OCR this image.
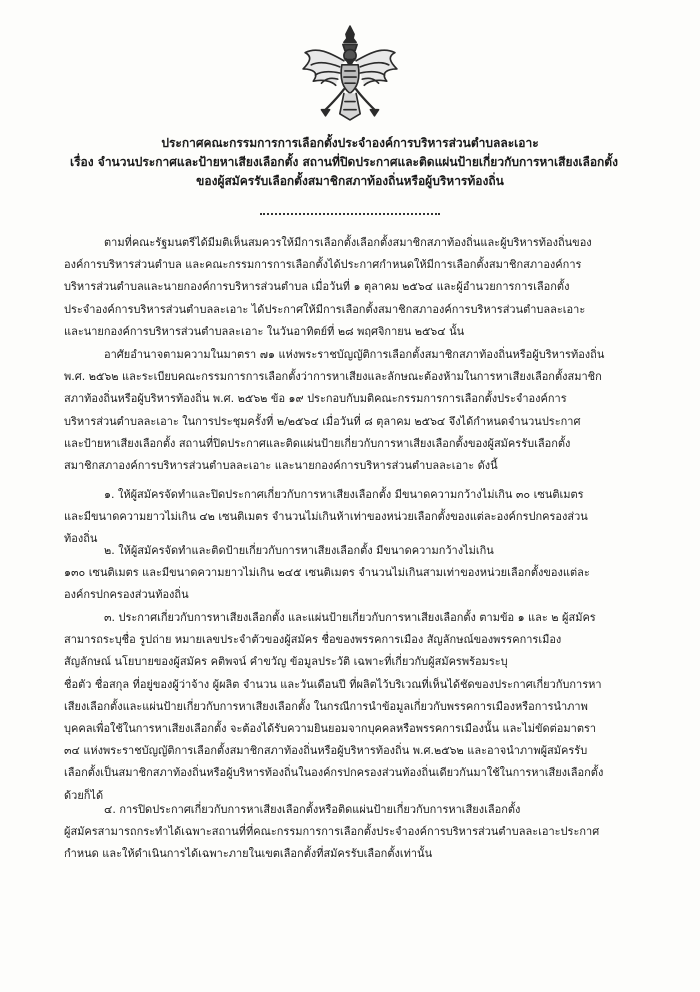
ประกาศคณะกรรมการการเลือกตั้งประจำองค์การบริหารส่วนตำบลละเอาะ
เรื่อง จำนวนประกาศและป้ายหาเสียงเลือกตั้ง สถานที่ปิดประกาศและติดแผ่นป้ายเกี่ยวกับการหาเสียงเลือกตั้ง
ของผู้สมัครรับเลือกตั้งสมาชิกสภาท้องถิ่นหรือผู้บริหารท้องถิ่น
ตามที่คณะรัฐมนตรีได้มีมติเห็นสมควรให้มีการเลือกตั้งเลือกตั้งสมาชิกสภาท้องถิ่นและผู้บริหารท้องถิ่นของ
องค์การบริหารส่วนตำบล และคณะกรรมการการเลือกตั้งได้ประกาศกำหนดให้มีการเลือกตั้งสมาชิกสภาองค์การ
บริหารส่วนตำบลและนายกองค์การบริหารส่วนตำบล เมื่อวันที่ ๑ ตุลาคม ๒๕๖๔ และผู้อำนวยการการเลือกตั้ง
ประจำองค์การบริหารส่วนตำบลละเอาะ ได้ประกาศให้มีการเลือกตั้งสมาชิกสภาองค์การบริหารส่วนตำบลละเอาะ
และนายกองค์การบริหารส่วนตำบลละเอาะ ในวันอาทิตย์ที่ ๒๘ พฤศจิกายน ๒๕๖๔ นั้น
อาศัยอำนาจตามความในมาตรา ๗๑ แห่งพระราชบัญญัติการเลือกตั้งสมาชิกสภาท้องถิ่นหรือผู้บริหารท้องถิ่น
พ.ศ. ๒๕๖๒ และระเบียบคณะกรรมการการเลือกตั้งว่าการหาเสียงและลักษณะต้องห้ามในการหาเสียงเลือกตั้งสมาชิก
สภาท้องถิ่นหรือผู้บริหารท้องถิ่น พ.ศ. ๒๕๖๒ ข้อ ๑๙ ประกอบกับมติคณะกรรมการการเลือกตั้งประจำองค์การ
บริหารส่วนตำบลละเอาะ ในการประชุมครั้งที่ ๒/๒๕๖๔ เมื่อวันที่ ๘ ตุลาคม ๒๕๖๔ จึงได้กำหนดจำนวนประกาศ
และป้ายหาเสียงเลือกตั้ง สถานที่ปิดประกาศและติดแผ่นป้ายเกี่ยวกับการหาเสียงเลือกตั้งของผู้สมัครรับเลือกตั้ง
สมาชิกสภาองค์การบริหารส่วนตำบลละเอาะ และนายกองค์การบริหารส่วนตำบลละเอาะ ดังนี้
๑. ให้ผู้สมัครจัดทำและปิดประกาศเกี่ยวกับการหาเสียงเลือกตั้ง มีขนาดความกว้างไม่เกิน ๓๐ เซนติเมตร
และมีขนาดความยาวไม่เกิน ๔๒ เซนติเมตร จำนวนไม่เกินห้าเท่าของหน่วยเลือกตั้งของแต่ละองค์กรปกครองส่วน
ท้องถิ่น
๒. ให้ผู้สมัครจัดทำและติดป้ายเกี่ยวกับการหาเสียงเลือกตั้ง มีขนาดความกว้างไม่เกิน
๑๓๐ เซนติเมตร และมีขนาดความยาวไม่เกิน ๒๔๕ เซนติเมตร จำนวนไม่เกินสามเท่าของหน่วยเลือกตั้งของแต่ละ
องค์กรปกครองส่วนท้องถิ่น
๓. ประกาศเกี่ยวกับการหาเสียงเลือกตั้ง และแผ่นป้ายเกี่ยวกับการหาเสียงเลือกตั้ง ตามข้อ ๑ และ ๒ ผู้สมัคร
สามารถระบุชื่อ รูปถ่าย หมายเลขประจำตัวของผู้สมัคร ชื่อของพรรคการเมือง สัญลักษณ์ของพรรคการเมือง
สัญลักษณ์ นโยบายของผู้สมัคร คติพจน์ คำขวัญ ข้อมูลประวัติ เฉพาะที่เกี่ยวกับผู้สมัครพร้อมระบุ
ชื่อตัว ชื่อสกุล ที่อยู่ของผู้ว่าจ้าง ผู้ผลิต จำนวน และวันเดือนปี ที่ผลิตไว้บริเวณที่เห็นได้ชัดของประกาศเกี่ยวกับการหา
เสียงเลือกตั้งและแผ่นป้ายเกี่ยวกับการหาเสียงเลือกตั้ง ในกรณีการนำข้อมูลเกี่ยวกับพรรคการเมืองหรือการนำภาพ
บุคคลเพื่อใช้ในการหาเสียงเลือกตั้ง จะต้องได้รับความยินยอมจากบุคคลหรือพรรคการเมืองนั้น และไม่ขัดต่อมาตรา
๓๔ แห่งพระราชบัญญัติการเลือกตั้งสมาชิกสภาท้องถิ่นหรือผู้บริหารท้องถิ่น พ.ศ.๒๕๖๒ และอาจนำภาพผู้สมัครรับ
เลือกตั้งเป็นสมาชิกสภาท้องถิ่นหรือผู้บริหารท้องถิ่นในองค์กรปกครองส่วนท้องถิ่นเดียวกันมาใช้ในการหาเสียงเลือกตั้ง
ด้วยก็ได้
๔. การปิดประกาศเกี่ยวกับการหาเสียงเลือกตั้งหรือติดแผ่นป้ายเกี่ยวกับการหาเสียงเลือกตั้ง
ผู้สมัครสามารถกระทำได้เฉพาะสถานที่ที่คณะกรรมการการเลือกตั้งประจำองค์การบริหารส่วนตำบลละเอาะประกาศ
กำหนด และให้ดำเนินการได้เฉพาะภายในเขตเลือกตั้งที่สมัครรับเลือกตั้งเท่านั้น
